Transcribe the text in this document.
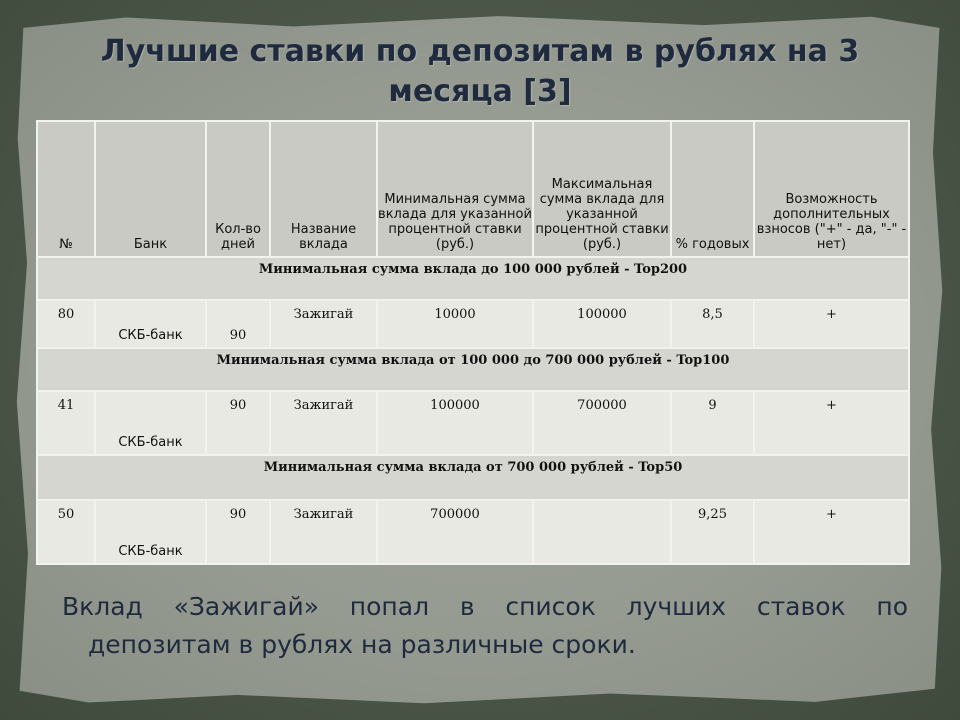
Лучшие ставки по депозитам в рублях на 3
месяца [3]
№	Банк	Кол-во дней	Название вклада	Минимальная сумма вклада для указанной процентной ставки (руб.)	Максимальная сумма вклада для указанной процентной ставки (руб.)	% годовых	Возможность дополнительных взносов ("+" - да, "-" - нет)
Минимальная сумма вклада до 100 000 рублей - Top200							
80	СКБ-банк	90	Зажигай	10000	100000	8,5	+
Минимальная сумма вклада от 100 000 до 700 000 рублей - Top100							
41	СКБ-банк	90	Зажигай	100000	700000	9	+
Минимальная сумма вклада от 700 000 рублей - Top50							
50	СКБ-банк	90	Зажигай	700000		9,25	+
Вклад «Зажигай» попал в список лучших ставок по
депозитам в рублях на различные сроки.
